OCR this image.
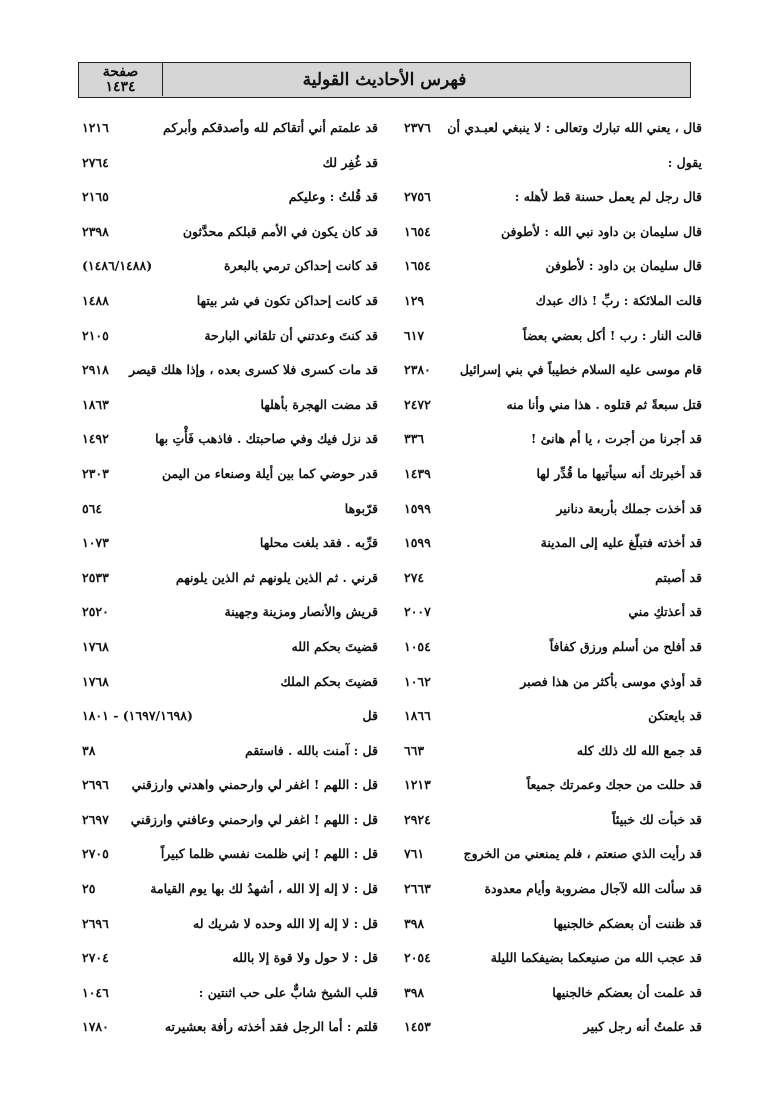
صفحة
١٤٣٤	فهرس الأحاديث القولية
قال ، يعني الله تبارك وتعالى : لا ينبغي لعبـدي أن
٢٣٧٦
يقول :
قال رجل لم يعمل حسنة قط لأهله :
٢٧٥٦
قال سليمان بن داود نبي الله : لأطوفن
١٦٥٤
قال سليمان بن داود : لأطوفن
١٦٥٤
قالت الملائكة : ربِّ ! ذاك عبدك
١٢٩
قالت النار : رب ! أكل بعضي بعضاً
٦١٧
قام موسى عليه السلام خطيباً في بني إسرائيل
٢٣٨٠
قتل سبعةً ثم قتلوه . هذا مني وأنا منه
٢٤٧٢
قد أجرنا من أجرت ، يا أم هانئ !
٣٣٦
قد أخبرتك أنه سيأتيها ما قُدِّر لها
١٤٣٩
قد أخذت جملك بأربعة دنانير
١٥٩٩
قد أخذته فتبلّغ عليه إلى المدينة
١٥٩٩
قد أصبتم
٢٧٤
قد أعذتكِ مني
٢٠٠٧
قد أفلح من أسلم ورزق كفافاً
١٠٥٤
قد أوذي موسى بأكثر من هذا فصبر
١٠٦٢
قد بايعتكن
١٨٦٦
قد جمع الله لك ذلك كله
٦٦٣
قد حللت من حجك وعمرتك جميعاً
١٢١٣
قد خبأت لك خبيئاً
٢٩٢٤
قد رأيت الذي صنعتم ، فلم يمنعني من الخروج
٧٦١
قد سألت الله لآجال مضروبة وأيام معدودة
٢٦٦٣
قد ظننت أن بعضكم خالجنيها
٣٩٨
قد عجب الله من صنيعكما بضيفكما الليلة
٢٠٥٤
قد علمت أن بعضكم خالجنيها
٣٩٨
قد علمتُ أنه رجل كبير
١٤٥٣
قد علمتم أني أتقاكم لله وأصدقكم وأبركم
١٢١٦
قد غُفِر لك
٢٧٦٤
قد قُلتُ : وعليكم
٢١٦٥
قد كان يكون في الأمم قبلكم محدَّثون
٢٣٩٨
قد كانت إحداكن ترمي بالبعرة
(١٤٨٦/١٤٨٨)
قد كانت إحداكن تكون في شر بيتها
١٤٨٨
قد كنتَ وعدتني أن تلقاني البارحة
٢١٠٥
قد مات كسرى فلا كسرى بعده ، وإذا هلك قيصر
٢٩١٨
قد مضت الهجرة بأهلها
١٨٦٣
قد نزل فيك وفي صاحبتك . فاذهب فَأْتِ بها
١٤٩٢
قدر حوضي كما بين أيلة وصنعاء من اليمن
٢٣٠٣
قرّبوها
٥٦٤
قرِّبه . فقد بلغت محلها
١٠٧٣
قرني . ثم الذين يلونهم ثم الذين يلونهم
٢٥٣٣
قريش والأنصار ومزينة وجهينة
٢٥٢٠
قضيتَ بحكم الله
١٧٦٨
قضيتَ بحكم الملك
١٧٦٨
قل
(١٦٩٧/١٦٩٨) - ١٨٠١
قل : آمنت بالله . فاستقم
٣٨
قل : اللهم ! اغفر لي وارحمني واهدني وارزقني
٢٦٩٦
قل : اللهم ! اغفر لي وارحمني وعافني وارزقني
٢٦٩٧
قل : اللهم ! إني ظلمت نفسي ظلما كبيراً
٢٧٠٥
قل : لا إله إلا الله ، أشهدُ لك بها يوم القيامة
٢٥
قل : لا إله إلا الله وحده لا شريك له
٢٦٩٦
قل : لا حول ولا قوة إلا بالله
٢٧٠٤
قلب الشيخ شابٌّ على حب اثنتين :
١٠٤٦
قلتم : أما الرجل فقد أخذته رأفة بعشيرته
١٧٨٠
